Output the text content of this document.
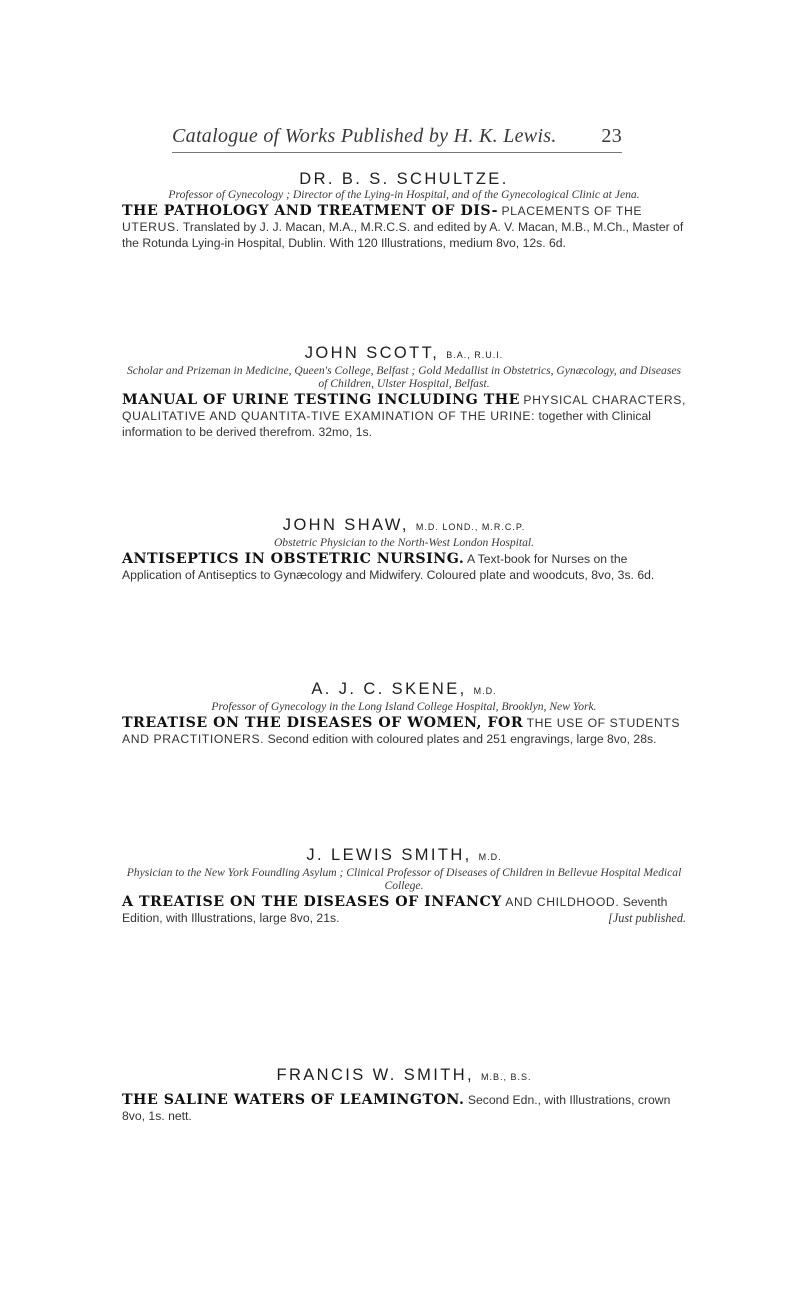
Catalogue of Works Published by H. K. Lewis. 23
DR. B. S. SCHULTZE.
Professor of Gynecology ; Director of the Lying-in Hospital, and of the Gynecological Clinic at Jena.
THE PATHOLOGY AND TREATMENT OF DIS- PLACEMENTS OF THE UTERUS. Translated by J. J. Macan, M.A., M.R.C.S. and edited by A. V. Macan, M.B., M.Ch., Master of the Rotunda Lying-in Hospital, Dublin. With 120 Illustrations, medium 8vo, 12s. 6d.
JOHN SCOTT, B.A., R.U.I.
Scholar and Prizeman in Medicine, Queen's College, Belfast ; Gold Medallist in Obstetrics, Gynæcology, and Diseases of Children, Ulster Hospital, Belfast.
MANUAL OF URINE TESTING INCLUDING THE PHYSICAL CHARACTERS, QUALITATIVE AND QUANTITA-TIVE EXAMINATION OF THE URINE: together with Clinical information to be derived therefrom. 32mo, 1s.
JOHN SHAW, M.D. LOND., M.R.C.P.
Obstetric Physician to the North-West London Hospital.
ANTISEPTICS IN OBSTETRIC NURSING. A Text-book for Nurses on the Application of Antiseptics to Gynæcology and Midwifery. Coloured plate and woodcuts, 8vo, 3s. 6d.
A. J. C. SKENE, M.D.
Professor of Gynecology in the Long Island College Hospital, Brooklyn, New York.
TREATISE ON THE DISEASES OF WOMEN, FOR THE USE OF STUDENTS AND PRACTITIONERS. Second edition with coloured plates and 251 engravings, large 8vo, 28s.
J. LEWIS SMITH, M.D.
Physician to the New York Foundling Asylum ; Clinical Professor of Diseases of Children in Bellevue Hospital Medical College.
A TREATISE ON THE DISEASES OF INFANCY AND CHILDHOOD. Seventh Edition, with Illustrations, large 8vo, 21s.	[Just published.
FRANCIS W. SMITH, M.B., B.S.
THE SALINE WATERS OF LEAMINGTON. Second Edn., with Illustrations, crown 8vo, 1s. nett.
